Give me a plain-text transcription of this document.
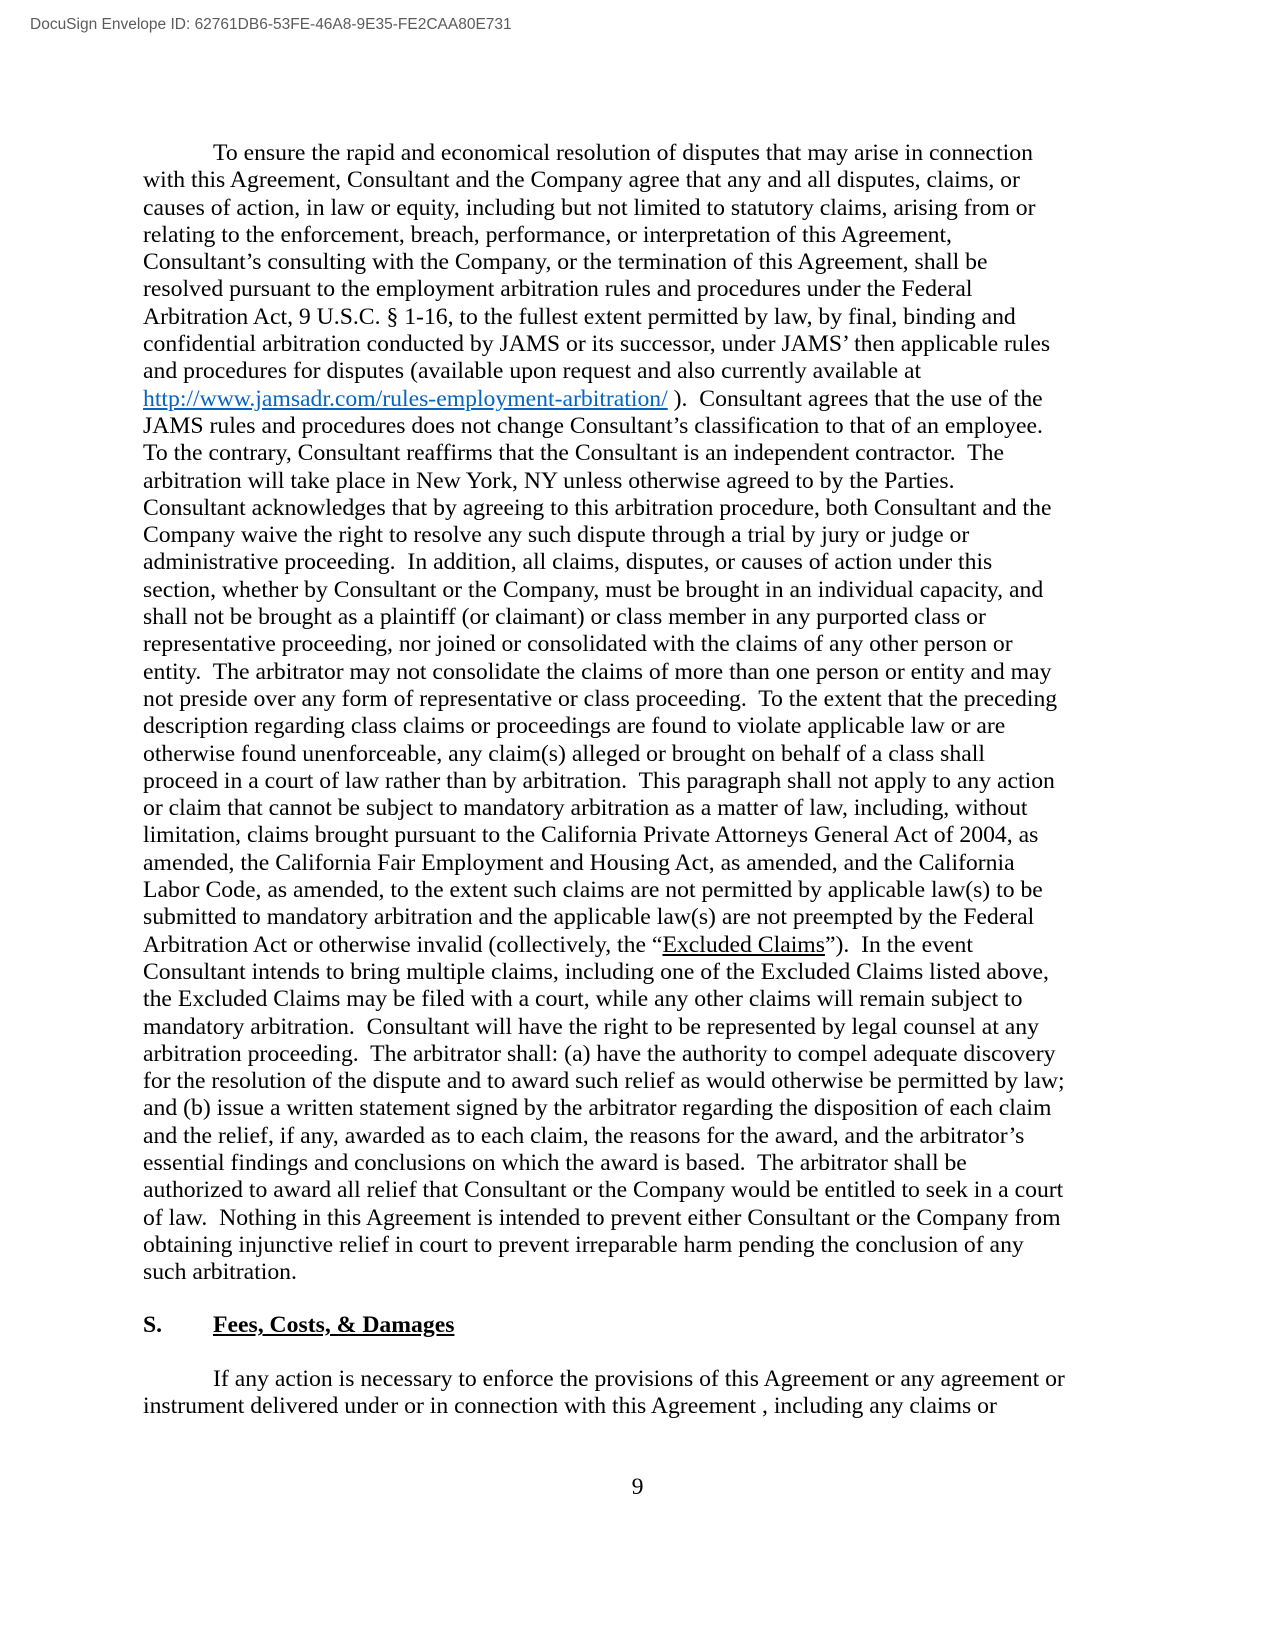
DocuSign Envelope ID: 62761DB6-53FE-46A8-9E35-FE2CAA80E731

To ensure the rapid and economical resolution of disputes that may arise in connection with this Agreement, Consultant and the Company agree that any and all disputes, claims, or causes of action, in law or equity, including but not limited to statutory claims, arising from or relating to the enforcement, breach, performance, or interpretation of this Agreement, Consultant’s consulting with the Company, or the termination of this Agreement, shall be resolved pursuant to the employment arbitration rules and procedures under the Federal Arbitration Act, 9 U.S.C. § 1-16, to the fullest extent permitted by law, by final, binding and confidential arbitration conducted by JAMS or its successor, under JAMS’ then applicable rules and procedures for disputes (available upon request and also currently available at http://www.jamsadr.com/rules-employment-arbitration/ ).  Consultant agrees that the use of the JAMS rules and procedures does not change Consultant’s classification to that of an employee.  To the contrary, Consultant reaffirms that the Consultant is an independent contractor.  The arbitration will take place in New York, NY unless otherwise agreed to by the Parties.  Consultant acknowledges that by agreeing to this arbitration procedure, both Consultant and the Company waive the right to resolve any such dispute through a trial by jury or judge or administrative proceeding.  In addition, all claims, disputes, or causes of action under this section, whether by Consultant or the Company, must be brought in an individual capacity, and shall not be brought as a plaintiff (or claimant) or class member in any purported class or representative proceeding, nor joined or consolidated with the claims of any other person or entity.  The arbitrator may not consolidate the claims of more than one person or entity and may not preside over any form of representative or class proceeding.  To the extent that the preceding description regarding class claims or proceedings are found to violate applicable law or are otherwise found unenforceable, any claim(s) alleged or brought on behalf of a class shall proceed in a court of law rather than by arbitration.  This paragraph shall not apply to any action or claim that cannot be subject to mandatory arbitration as a matter of law, including, without limitation, claims brought pursuant to the California Private Attorneys General Act of 2004, as amended, the California Fair Employment and Housing Act, as amended, and the California Labor Code, as amended, to the extent such claims are not permitted by applicable law(s) to be submitted to mandatory arbitration and the applicable law(s) are not preempted by the Federal Arbitration Act or otherwise invalid (collectively, the “Excluded Claims”).  In the event Consultant intends to bring multiple claims, including one of the Excluded Claims listed above, the Excluded Claims may be filed with a court, while any other claims will remain subject to mandatory arbitration.  Consultant will have the right to be represented by legal counsel at any arbitration proceeding.  The arbitrator shall: (a) have the authority to compel adequate discovery for the resolution of the dispute and to award such relief as would otherwise be permitted by law; and (b) issue a written statement signed by the arbitrator regarding the disposition of each claim and the relief, if any, awarded as to each claim, the reasons for the award, and the arbitrator’s essential findings and conclusions on which the award is based.  The arbitrator shall be authorized to award all relief that Consultant or the Company would be entitled to seek in a court of law.  Nothing in this Agreement is intended to prevent either Consultant or the Company from obtaining injunctive relief in court to prevent irreparable harm pending the conclusion of any such arbitration.

S. Fees, Costs, & Damages

If any action is necessary to enforce the provisions of this Agreement or any agreement or instrument delivered under or in connection with this Agreement , including any claims or

9
